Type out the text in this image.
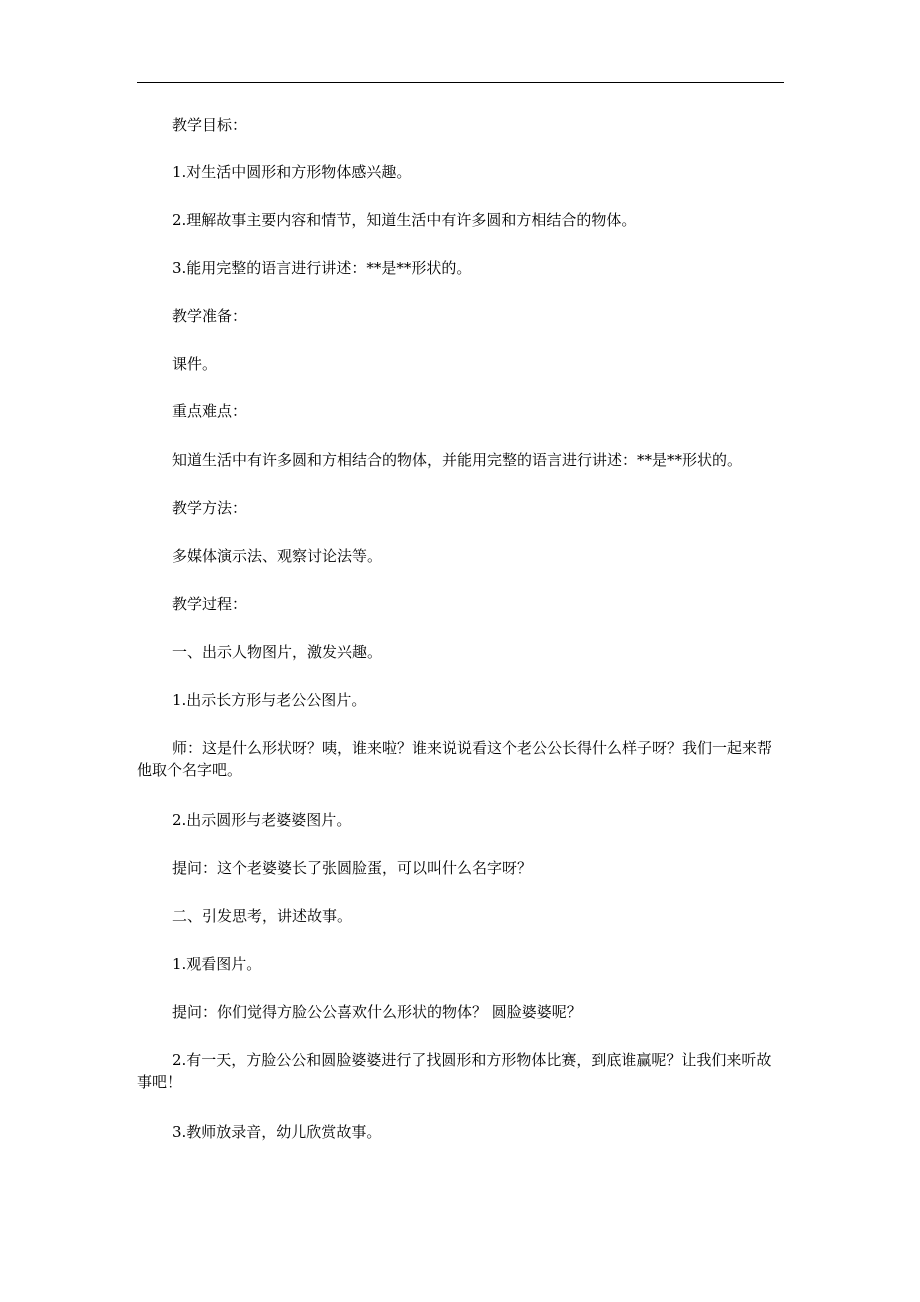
教学目标：

1.对生活中圆形和方形物体感兴趣。

2.理解故事主要内容和情节，知道生活中有许多圆和方相结合的物体。

3.能用完整的语言进行讲述：**是**形状的。

教学准备：

课件。

重点难点：

知道生活中有许多圆和方相结合的物体，并能用完整的语言进行讲述：**是**形状的。

教学方法：

多媒体演示法、观察讨论法等。

教学过程：

一、出示人物图片，激发兴趣。

1.出示长方形与老公公图片。

师：这是什么形状呀？咦，谁来啦？谁来说说看这个老公公长得什么样子呀？我们一起来帮他取个名字吧。

2.出示圆形与老婆婆图片。

提问：这个老婆婆长了张圆脸蛋，可以叫什么名字呀？

二、引发思考，讲述故事。

1.观看图片。

提问：你们觉得方脸公公喜欢什么形状的物体？ 圆脸婆婆呢？

2.有一天，方脸公公和圆脸婆婆进行了找圆形和方形物体比赛，到底谁赢呢？让我们来听故事吧！

3.教师放录音，幼儿欣赏故事。
